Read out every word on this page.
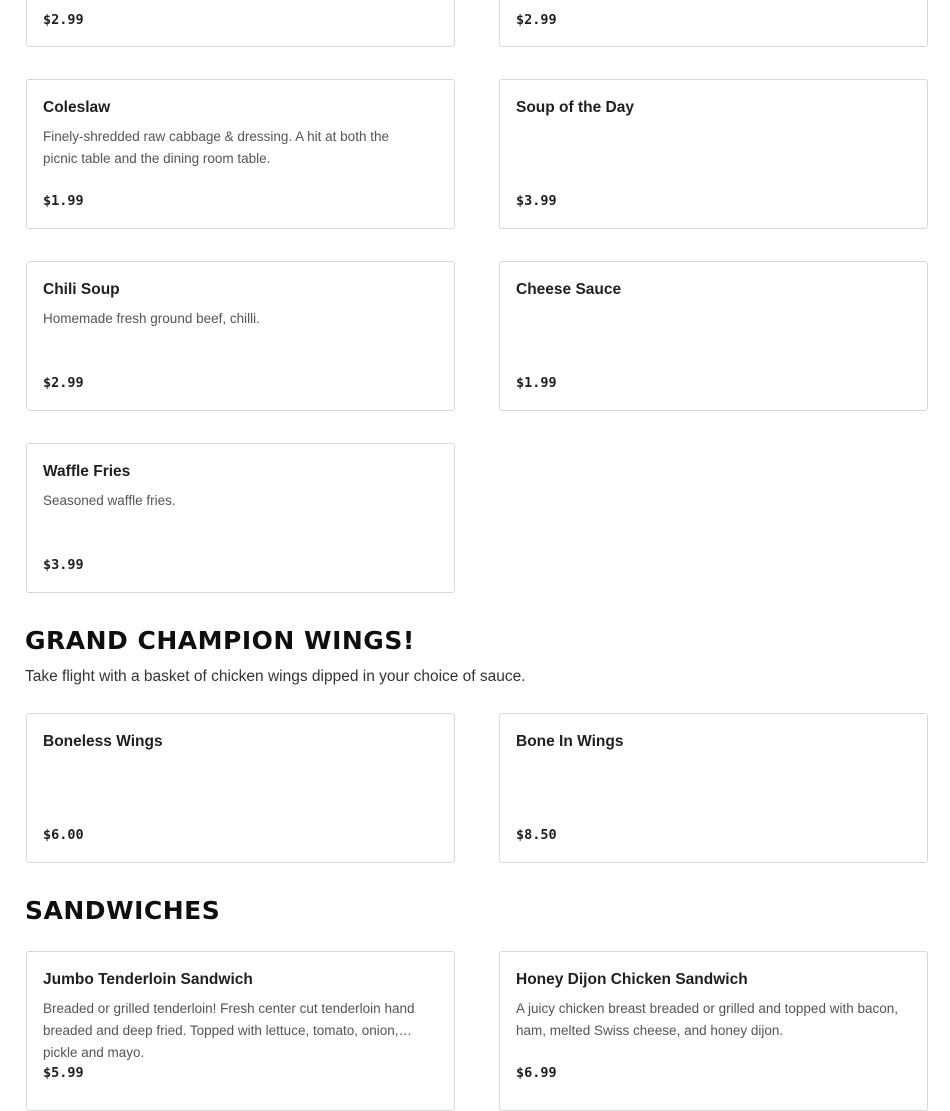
$2.99	$2.99
Coleslaw
Finely-shredded raw cabbage & dressing. A hit at both the picnic table and the dining room table.
$1.99
Soup of the Day
$3.99
Chili Soup
Homemade fresh ground beef, chilli.
$2.99
Cheese Sauce
$1.99
Waffle Fries
Seasoned waffle fries.
$3.99
GRAND CHAMPION WINGS!

Take flight with a basket of chicken wings dipped in your choice of sauce.

Boneless Wings
$6.00
Bone In Wings
$8.50
SANDWICHES
Jumbo Tenderloin Sandwich
Breaded or grilled tenderloin! Fresh center cut tenderloin hand breaded and deep fried. Topped with lettuce, tomato, onion, pickle and mayo.
$5.99
Honey Dijon Chicken Sandwich
A juicy chicken breast breaded or grilled and topped with bacon, ham, melted Swiss cheese, and honey dijon.
$6.99
